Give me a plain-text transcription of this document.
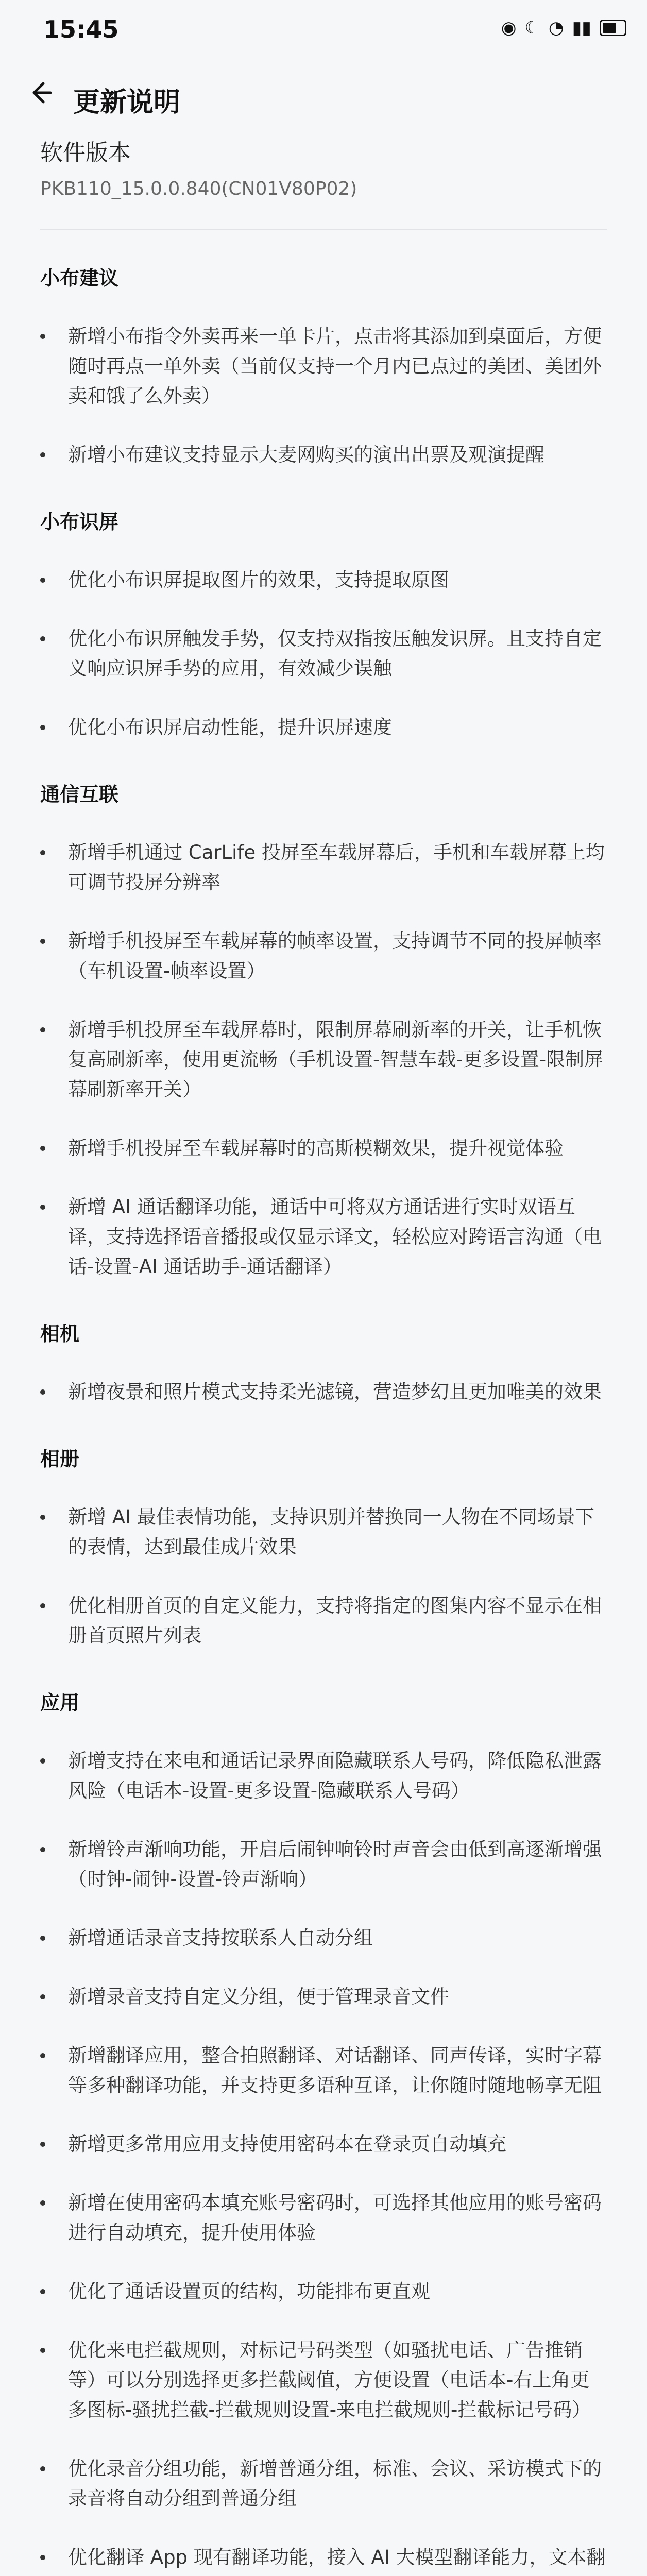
15:45	◉ ☾ ◔ ▮▮
更新说明
软件版本
PKB110_15.0.0.840(CN01V80P02)
小布建议
新增小布指令外卖再来一单卡片，点击将其添加到桌面后，方便随时再点一单外卖（当前仅支持一个月内已点过的美团、美团外卖和饿了么外卖）
新增小布建议支持显示大麦网购买的演出出票及观演提醒
小布识屏
优化小布识屏提取图片的效果，支持提取原图
优化小布识屏触发手势，仅支持双指按压触发识屏。且支持自定义响应识屏手势的应用，有效减少误触
优化小布识屏启动性能，提升识屏速度
通信互联
新增手机通过 CarLife 投屏至车载屏幕后，手机和车载屏幕上均可调节投屏分辨率
新增手机投屏至车载屏幕的帧率设置，支持调节不同的投屏帧率（车机设置-帧率设置）
新增手机投屏至车载屏幕时，限制屏幕刷新率的开关，让手机恢复高刷新率，使用更流畅（手机设置-智慧车载-更多设置-限制屏幕刷新率开关）
新增手机投屏至车载屏幕时的高斯模糊效果，提升视觉体验
新增 AI 通话翻译功能，通话中可将双方通话进行实时双语互译，支持选择语音播报或仅显示译文，轻松应对跨语言沟通（电话-设置-AI 通话助手-通话翻译）
相机
新增夜景和照片模式支持柔光滤镜，营造梦幻且更加唯美的效果
相册
新增 AI 最佳表情功能，支持识别并替换同一人物在不同场景下的表情，达到最佳成片效果
优化相册首页的自定义能力，支持将指定的图集内容不显示在相册首页照片列表
应用
新增支持在来电和通话记录界面隐藏联系人号码，降低隐私泄露风险（电话本-设置-更多设置-隐藏联系人号码）
新增铃声渐响功能，开启后闹钟响铃时声音会由低到高逐渐增强（时钟-闹钟-设置-铃声渐响）
新增通话录音支持按联系人自动分组
新增录音支持自定义分组，便于管理录音文件
新增翻译应用，整合拍照翻译、对话翻译、同声传译，实时字幕等多种翻译功能，并支持更多语种互译，让你随时随地畅享无阻
新增更多常用应用支持使用密码本在登录页自动填充
新增在使用密码本填充账号密码时，可选择其他应用的账号密码进行自动填充，提升使用体验
优化了通话设置页的结构，功能排布更直观
优化来电拦截规则，对标记号码类型（如骚扰电话、广告推销等）可以分别选择更多拦截阈值，方便设置（电话本-右上角更多图标-骚扰拦截-拦截规则设置-来电拦截规则-拦截标记号码）
优化录音分组功能，新增普通分组，标准、会议、采访模式下的录音将自动分组到普通分组
优化翻译 App 现有翻译功能，接入 AI 大模型翻译能力，文本翻
